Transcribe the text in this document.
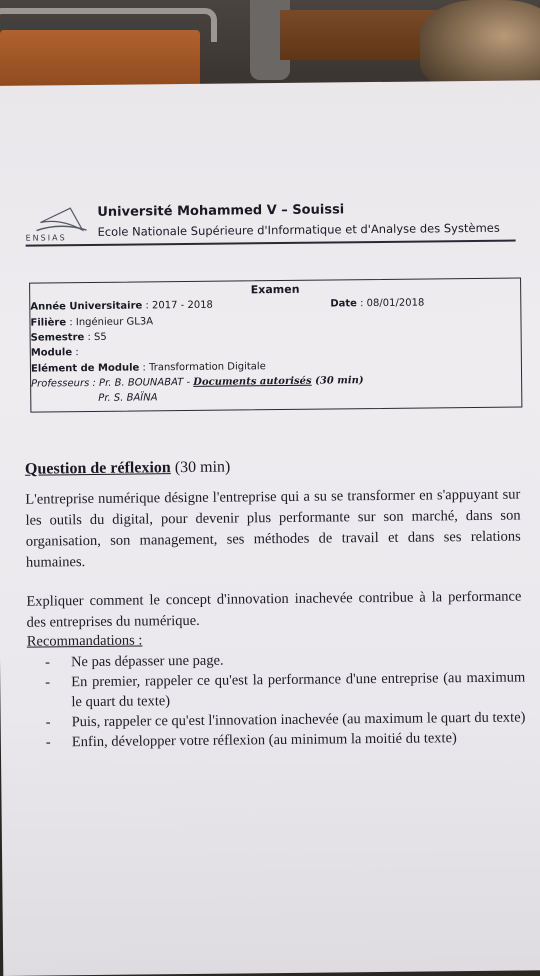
ENSIAS
Université Mohammed V – Souissi
Ecole Nationale Supérieure d'Informatique et d'Analyse des Systèmes
Examen
Année Universitaire : 2017 - 2018	Date : 08/01/2018
Filière : Ingénieur GL3A
Semestre : S5
Module :
Elément de Module : Transformation Digitale
Professeurs : Pr. B. BOUNABAT - Documents autorisés (30 min)
Pr. S. BAÏNA
Question de réflexion (30 min)
L'entreprise numérique désigne l'entreprise qui a su se transformer en s'appuyant sur les outils du digital, pour devenir plus performante sur son marché, dans son organisation, son management, ses méthodes de travail et dans ses relations humaines.
Expliquer comment le concept d'innovation inachevée contribue à la performance des entreprises du numérique.
Recommandations :
- Ne pas dépasser une page.
- En premier, rappeler ce qu'est la performance d'une entreprise (au maximum le quart du texte)
- Puis, rappeler ce qu'est l'innovation inachevée (au maximum le quart du texte)
- Enfin, développer votre réflexion (au minimum la moitié du texte)
